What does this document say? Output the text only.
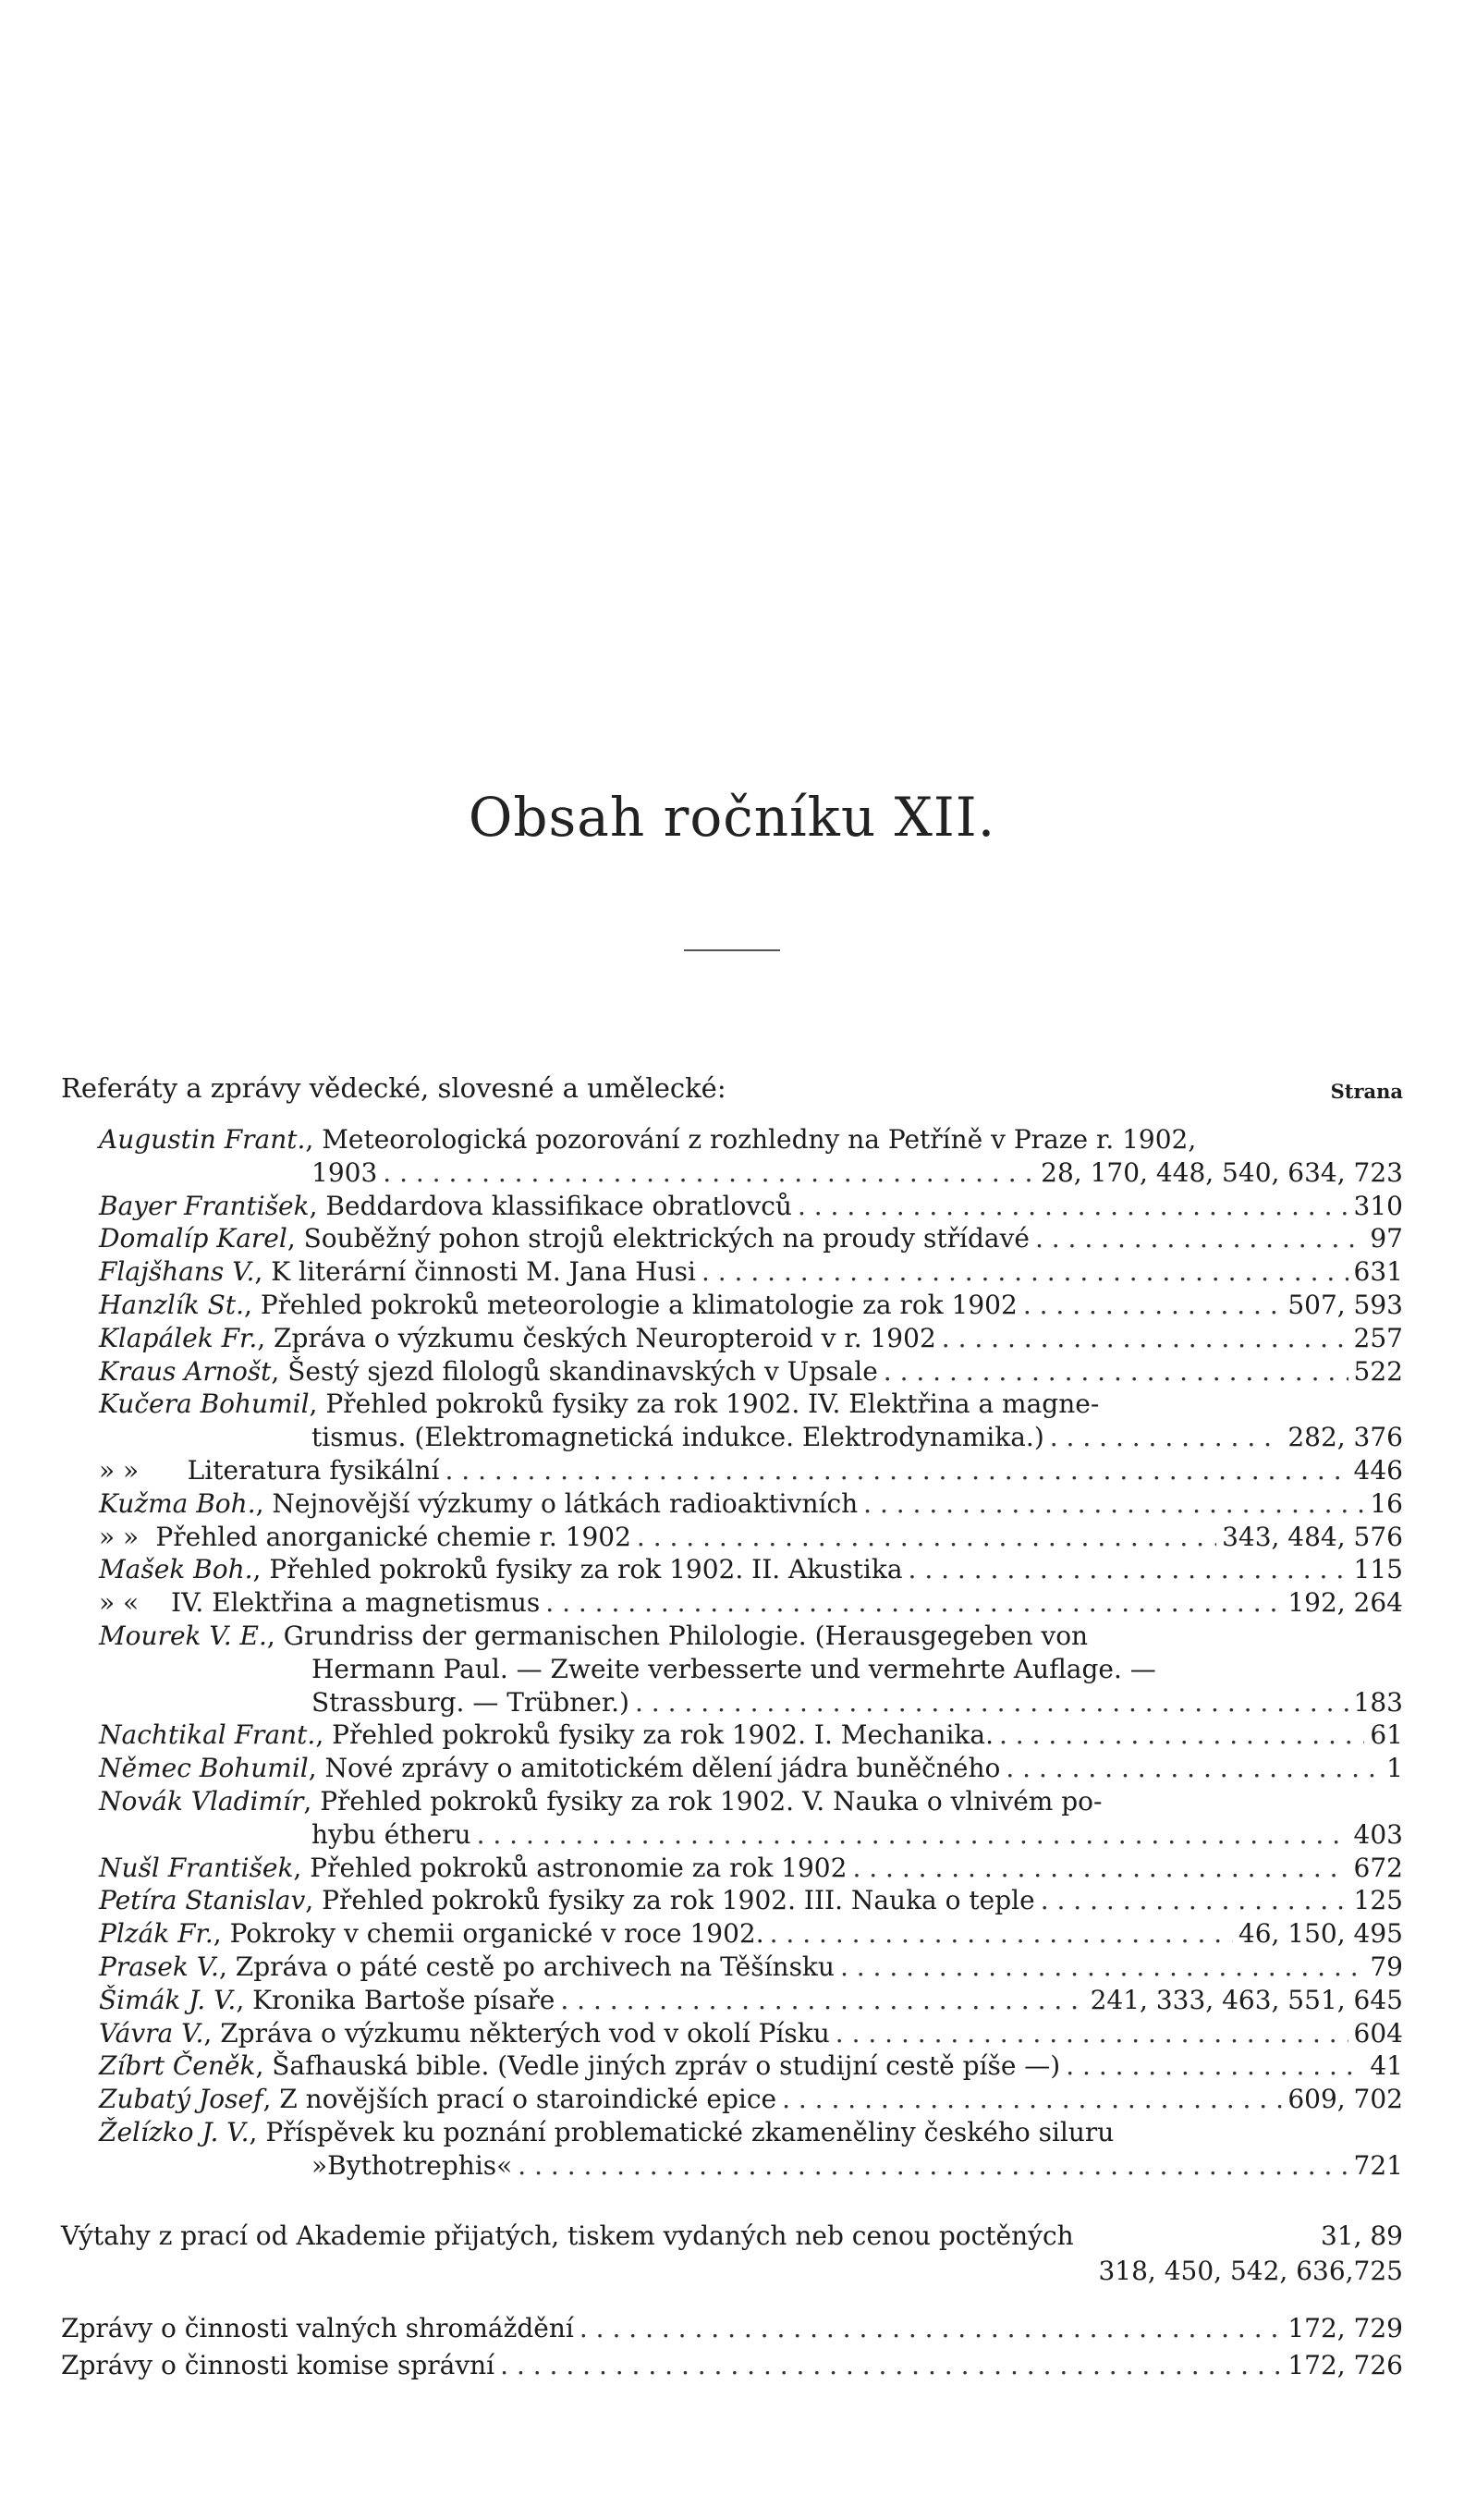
Obsah ročníku XII.
Referáty a zprávy vědecké, slovesné a umělecké:	Strana
Augustin Frant. , Meteorologická pozorování z rozhledny na Petříně v Praze r. 1902,
1903 . . .	28, 170, 448, 540, 634, 723
Bayer František , Beddardova klassifikace obratlovců . . .	310
Domalíp Karel , Souběžný pohon strojů elektrických na proudy střídavé . . .	97
Flajšhans V. , K literární činnosti M. Jana Husi . . .	631
Hanzlík St. , Přehled pokroků meteorologie a klimatologie za rok 1902 . . .	507, 593
Klapálek Fr. , Zpráva o výzkumu českých Neuropteroid v r. 1902 . . .	257
Kraus Arnošt , Šestý sjezd filologů skandinavských v Upsale . . .	522
Kučera Bohumil , Přehled pokroků fysiky za rok 1902. IV. Elektřina a magne-
tismus. (Elektromagnetická indukce. Elektrodynamika.) . . .	282, 376
» »	Literatura fysikální . . .	446
Kužma Boh. , Nejnovější výzkumy o látkách radioaktivních . . .	16
» » Přehled anorganické chemie r. 1902 . . .	343, 484, 576
Mašek Boh. , Přehled pokroků fysiky za rok 1902. II. Akustika . . .	115
» «	IV. Elektřina a magnetismus . . .	192, 264
Mourek V. E. , Grundriss der germanischen Philologie. (Herausgegeben von
Hermann Paul. — Zweite verbesserte und vermehrte Auflage. —
Strassburg. — Trübner.) . . .	183
Nachtikal Frant. , Přehled pokroků fysiky za rok 1902. I. Mechanika. . . .	61
Němec Bohumil , Nové zprávy o amitotickém dělení jádra buněčného . . .	1
Novák Vladimír , Přehled pokroků fysiky za rok 1902. V. Nauka o vlnivém po-
hybu étheru . . .	403
Nušl František , Přehled pokroků astronomie za rok 1902 . . .	672
Petíra Stanislav , Přehled pokroků fysiky za rok 1902. III. Nauka o teple . . .	125
Plzák Fr. , Pokroky v chemii organické v roce 1902. . . .	46, 150, 495
Prasek V. , Zpráva o páté cestě po archivech na Těšínsku . . .	79
Šimák J. V. , Kronika Bartoše písaře . . .	241, 333, 463, 551, 645
Vávra V. , Zpráva o výzkumu některých vod v okolí Písku . . .	604
Zíbrt Čeněk , Šafhauská bible. (Vedle jiných zpráv o studijní cestě píše —) . . .	41
Zubatý Josef , Z novějších prací o staroindické epice . . .	609, 702
Želízko J. V. , Příspěvek ku poznání problematické zkameněliny českého siluru
»Bythotrephis« . . .	721
Výtahy z prací od Akademie přijatých, tiskem vydaných neb cenou poctěných	31, 89
318, 450, 542, 636,725
Zprávy o činnosti valných shromáždění . . .	172, 729
Zprávy o činnosti komise správní . . .	172, 726
